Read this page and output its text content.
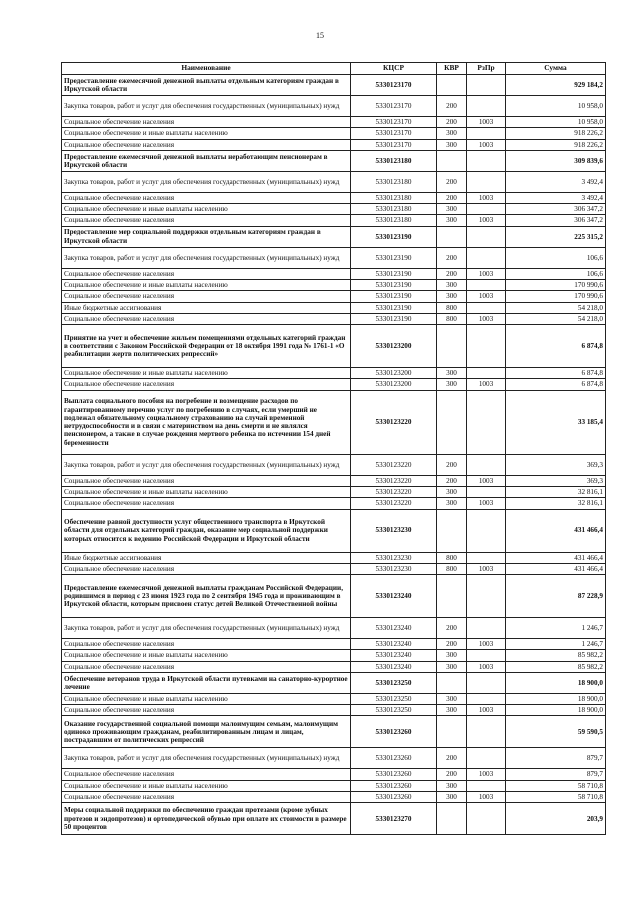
15
Наименование	КЦСР	КВР	РзПр	Сумма
Предоставление ежемесячной денежной выплаты отдельным категориям граждан в Иркутской области	5330123170			929 184,2
Закупка товаров, работ и услуг для обеспечения государственных (муниципальных) нужд	5330123170	200		10 958,0
Социальное обеспечение населения	5330123170	200	1003	10 958,0
Социальное обеспечение и иные выплаты населению	5330123170	300		918 226,2
Социальное обеспечение населения	5330123170	300	1003	918 226,2
Предоставление ежемесячной денежной выплаты неработающим пенсионерам в Иркутской области	5330123180			309 839,6
Закупка товаров, работ и услуг для обеспечения государственных (муниципальных) нужд	5330123180	200		3 492,4
Социальное обеспечение населения	5330123180	200	1003	3 492,4
Социальное обеспечение и иные выплаты населению	5330123180	300		306 347,2
Социальное обеспечение населения	5330123180	300	1003	306 347,2
Предоставление мер социальной поддержки отдельным категориям граждан в Иркутской области	5330123190			225 315,2
Закупка товаров, работ и услуг для обеспечения государственных (муниципальных) нужд	5330123190	200		106,6
Социальное обеспечение населения	5330123190	200	1003	106,6
Социальное обеспечение и иные выплаты населению	5330123190	300		170 990,6
Социальное обеспечение населения	5330123190	300	1003	170 990,6
Иные бюджетные ассигнования	5330123190	800		54 218,0
Социальное обеспечение населения	5330123190	800	1003	54 218,0
Принятие на учет и обеспечение жильем помещениями отдельных категорий граждан в соответствии с Законом Российской Федерации от 18 октября 1991 года № 1761-1 «О реабилитации жертв политических репрессий»	5330123200			6 874,8
Социальное обеспечение и иные выплаты населению	5330123200	300		6 874,8
Социальное обеспечение населения	5330123200	300	1003	6 874,8
Выплата социального пособия на погребение и возмещение расходов по гарантированному перечню услуг по погребению в случаях, если умерший не подлежал обязательному социальному страхованию на случай временной нетрудоспособности и в связи с материнством на день смерти и не являлся пенсионером, а также в случае рождения мертвого ребенка по истечении 154 дней беременности	5330123220			33 185,4
Закупка товаров, работ и услуг для обеспечения государственных (муниципальных) нужд	5330123220	200		369,3
Социальное обеспечение населения	5330123220	200	1003	369,3
Социальное обеспечение и иные выплаты населению	5330123220	300		32 816,1
Социальное обеспечение населения	5330123220	300	1003	32 816,1
Обеспечение равной доступности услуг общественного транспорта в Иркутской области для отдельных категорий граждан, оказание мер социальной поддержки которых относится к ведению Российской Федерации и Иркутской области	5330123230			431 466,4
Иные бюджетные ассигнования	5330123230	800		431 466,4
Социальное обеспечение населения	5330123230	800	1003	431 466,4
Предоставление ежемесячной денежной выплаты гражданам Российской Федерации, родившимся в период с 23 июня 1923 года по 2 сентября 1945 года и проживающим в Иркутской области, которым присвоен статус детей Великой Отечественной войны	5330123240			87 228,9
Закупка товаров, работ и услуг для обеспечения государственных (муниципальных) нужд	5330123240	200		1 246,7
Социальное обеспечение населения	5330123240	200	1003	1 246,7
Социальное обеспечение и иные выплаты населению	5330123240	300		85 982,2
Социальное обеспечение населения	5330123240	300	1003	85 982,2
Обеспечение ветеранов труда в Иркутской области путевками на санаторно-курортное лечение	5330123250			18 900,0
Социальное обеспечение и иные выплаты населению	5330123250	300		18 900,0
Социальное обеспечение населения	5330123250	300	1003	18 900,0
Оказание государственной социальной помощи малоимущим семьям, малоимущим одиноко проживающим гражданам, реабилитированным лицам и лицам, пострадавшим от политических репрессий	5330123260			59 590,5
Закупка товаров, работ и услуг для обеспечения государственных (муниципальных) нужд	5330123260	200		879,7
Социальное обеспечение населения	5330123260	200	1003	879,7
Социальное обеспечение и иные выплаты населению	5330123260	300		58 710,8
Социальное обеспечение населения	5330123260	300	1003	58 710,8
Меры социальной поддержки по обеспечению граждан протезами (кроме зубных протезов и эндопротезов) и ортопедической обувью при оплате их стоимости в размере 50 процентов	5330123270			203,9
